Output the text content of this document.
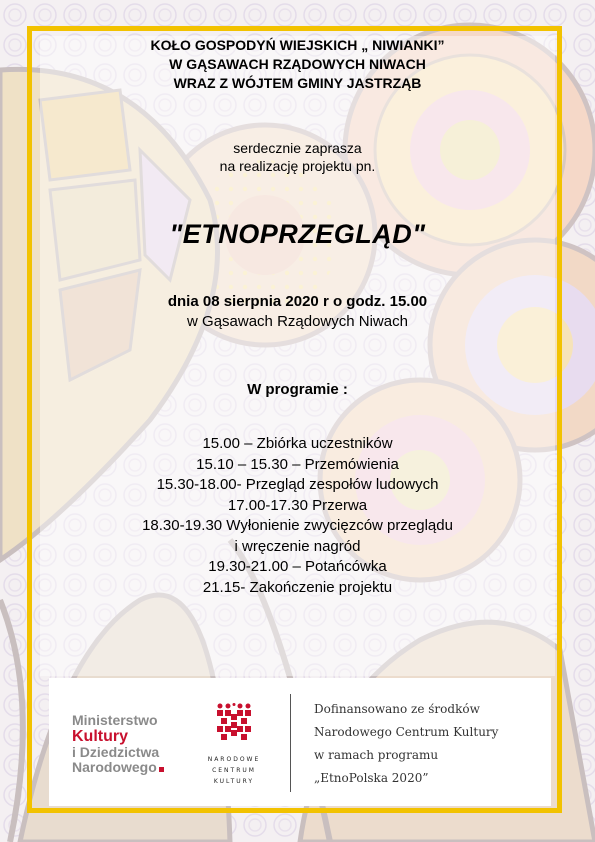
KOŁO GOSPODYŃ WIEJSKICH „ NIWIANKI”
W GĄSAWACH RZĄDOWYCH NIWACH
WRAZ Z WÓJTEM GMINY JASTRZĄB
serdecznie zaprasza
na realizację projektu pn.
"ETNOPRZEGLĄD"
dnia 08 sierpnia 2020 r o godz. 15.00
w Gąsawach Rządowych Niwach
W programie :
15.00 – Zbiórka uczestników
15.10 – 15.30 – Przemówienia
15.30-18.00- Przegląd zespołów ludowych
17.00-17.30 Przerwa
18.30-19.30 Wyłonienie zwycięzców przeglądu
i wręczenie nagród
19.30-21.00 – Potańcówka
21.15- Zakończenie projektu
Ministerstwo
Kultury
i Dziedzictwa
Narodowego	NARODOWE
CENTRUM
KULTURY
Dofinansowano ze środków
Narodowego Centrum Kultury
w ramach programu
„EtnoPolska 2020”
